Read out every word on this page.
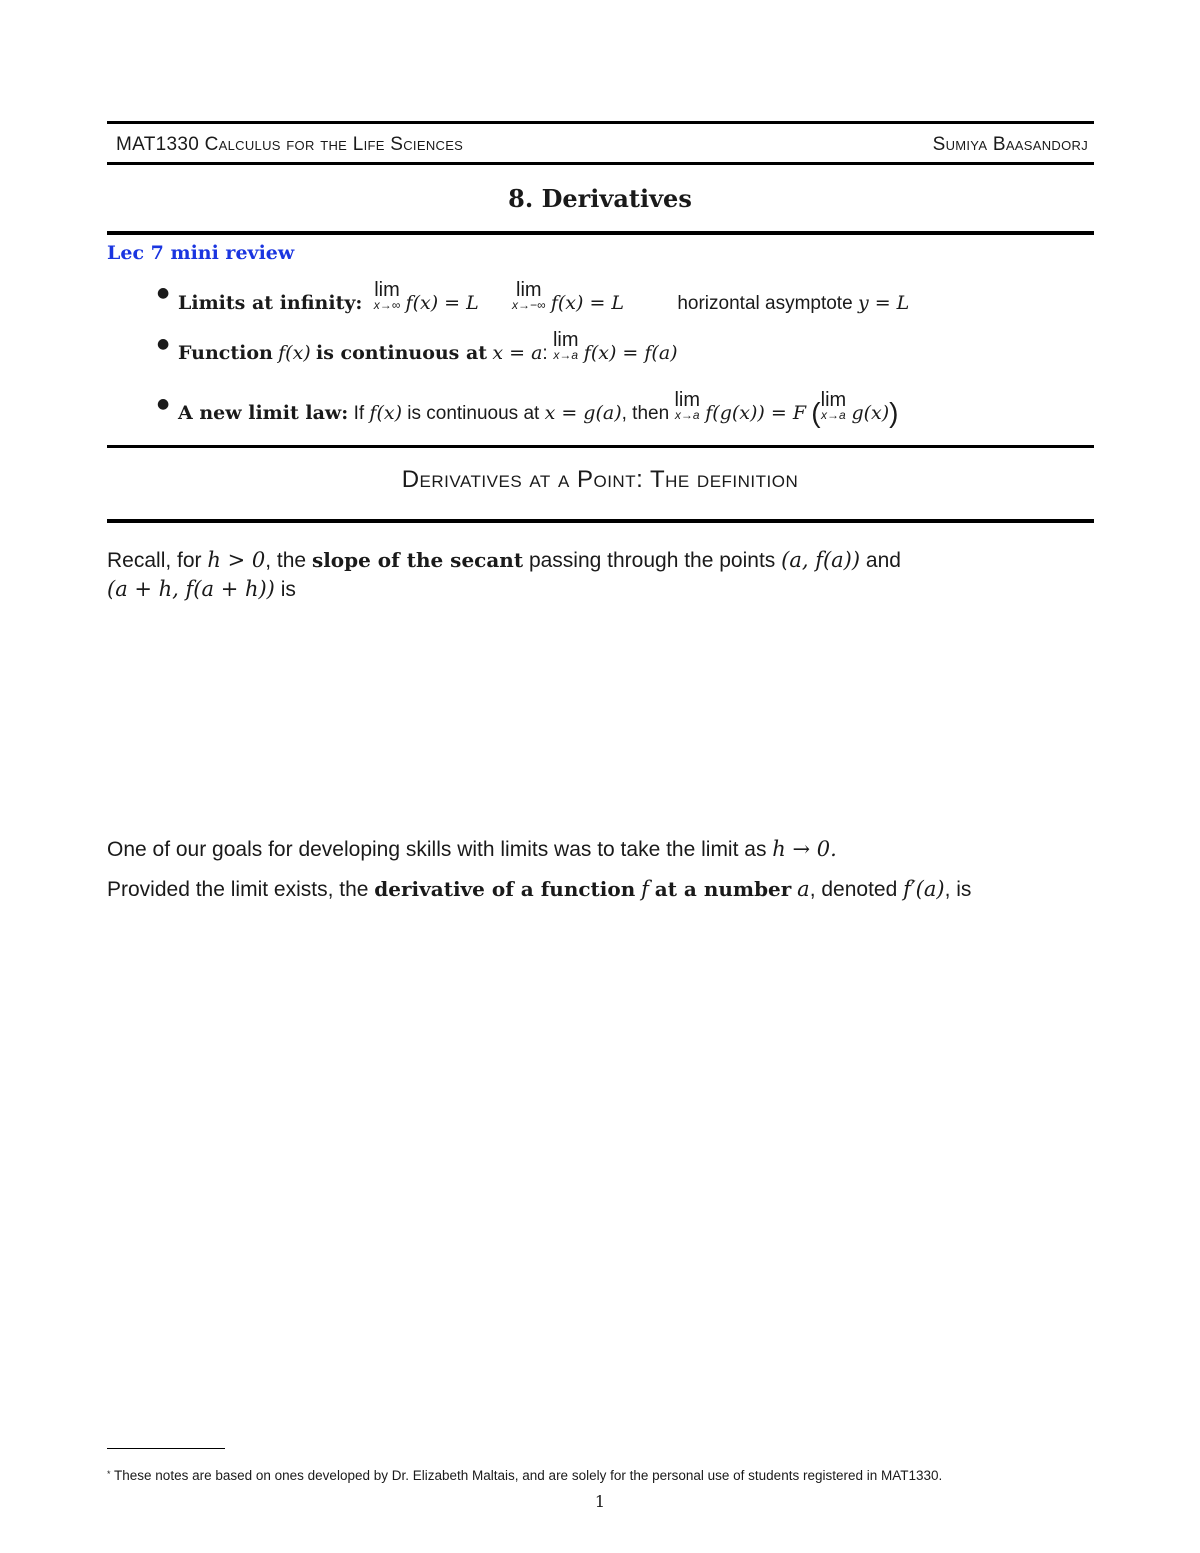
MAT1330 Calculus for the Life Sciences	Sumiya Baasandorj
8. Derivatives
Lec 7 mini review
● Limits at infinity:
lim
x→∞ f(x) = L
lim
x→−∞ f(x) = L	horizontal asymptote y = L
● Function f(x) is continuous at x = a:
lim
x→a f(x) = f(a)
● A new limit law: If f(x) is continuous at x = g(a), then
lim
x→a f(g(x)) = F ( lim
x→a g(x))
Derivatives at a Point: The definition
Recall, for h > 0, the slope of the secant passing through the points (a, f(a)) and
(a + h, f(a + h)) is
One of our goals for developing skills with limits was to take the limit as h → 0.
Provided the limit exists, the derivative of a function f at a number a, denoted f′(a), is
* These notes are based on ones developed by Dr. Elizabeth Maltais, and are solely for the personal use of students registered in MAT1330.
1
